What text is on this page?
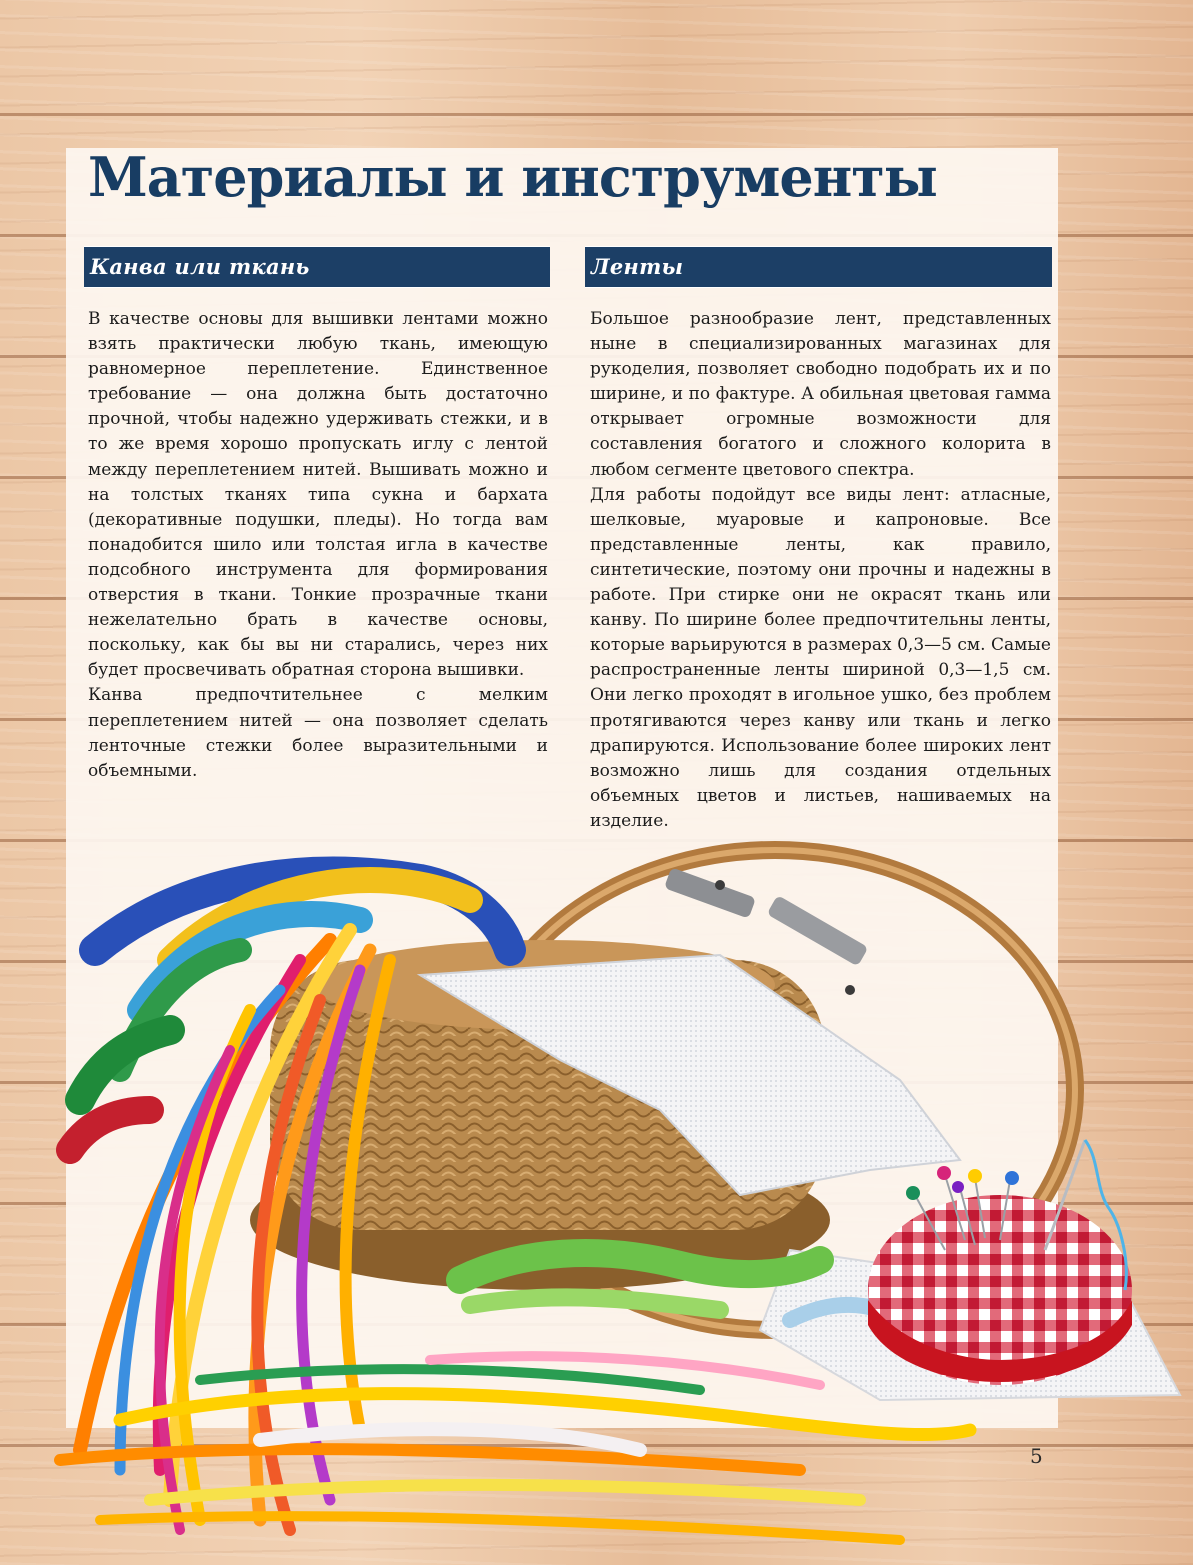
Материалы и инструменты
Канва или ткань	Ленты

В качестве основы для вышивки лентами можно взять практически любую ткань, имеющую равномерное переплетение. Единственное требование — она должна быть достаточно прочной, чтобы надежно удерживать стежки, и в то же время хорошо пропускать иглу с лентой между переплетением нитей. Вышивать можно и на толстых тканях типа сукна и бархата (декоративные подушки, пледы). Но тогда вам понадобится шило или толстая игла в качестве подсобного инструмента для формирования отверстия в ткани. Тонкие прозрачные ткани нежелательно брать в качестве основы, поскольку, как бы вы ни старались, через них будет просвечивать обратная сторона вышивки.

Канва предпочтительнее с мелким переплетением нитей — она позволяет сделать ленточные стежки более выразительными и объемными.

Большое разнообразие лент, представленных ныне в специализированных магазинах для рукоделия, позволяет свободно подобрать их и по ширине, и по фактуре. А обильная цветовая гамма открывает огромные возможности для составления богатого и сложного колорита в любом сегменте цветового спектра.

Для работы подойдут все виды лент: атласные, шелковые, муаровые и капроновые. Все представленные ленты, как правило, синтетические, поэтому они прочны и надежны в работе. При стирке они не окрасят ткань или канву. По ширине более предпочтительны ленты, которые варьируются в размерах 0,3—5 см. Самые распространенные ленты шириной 0,3—1,5 см. Они легко проходят в игольное ушко, без проблем протягиваются через канву или ткань и легко драпируются. Использование более широких лент возможно лишь для создания отдельных объемных цветов и листьев, нашиваемых на изделие.

5
